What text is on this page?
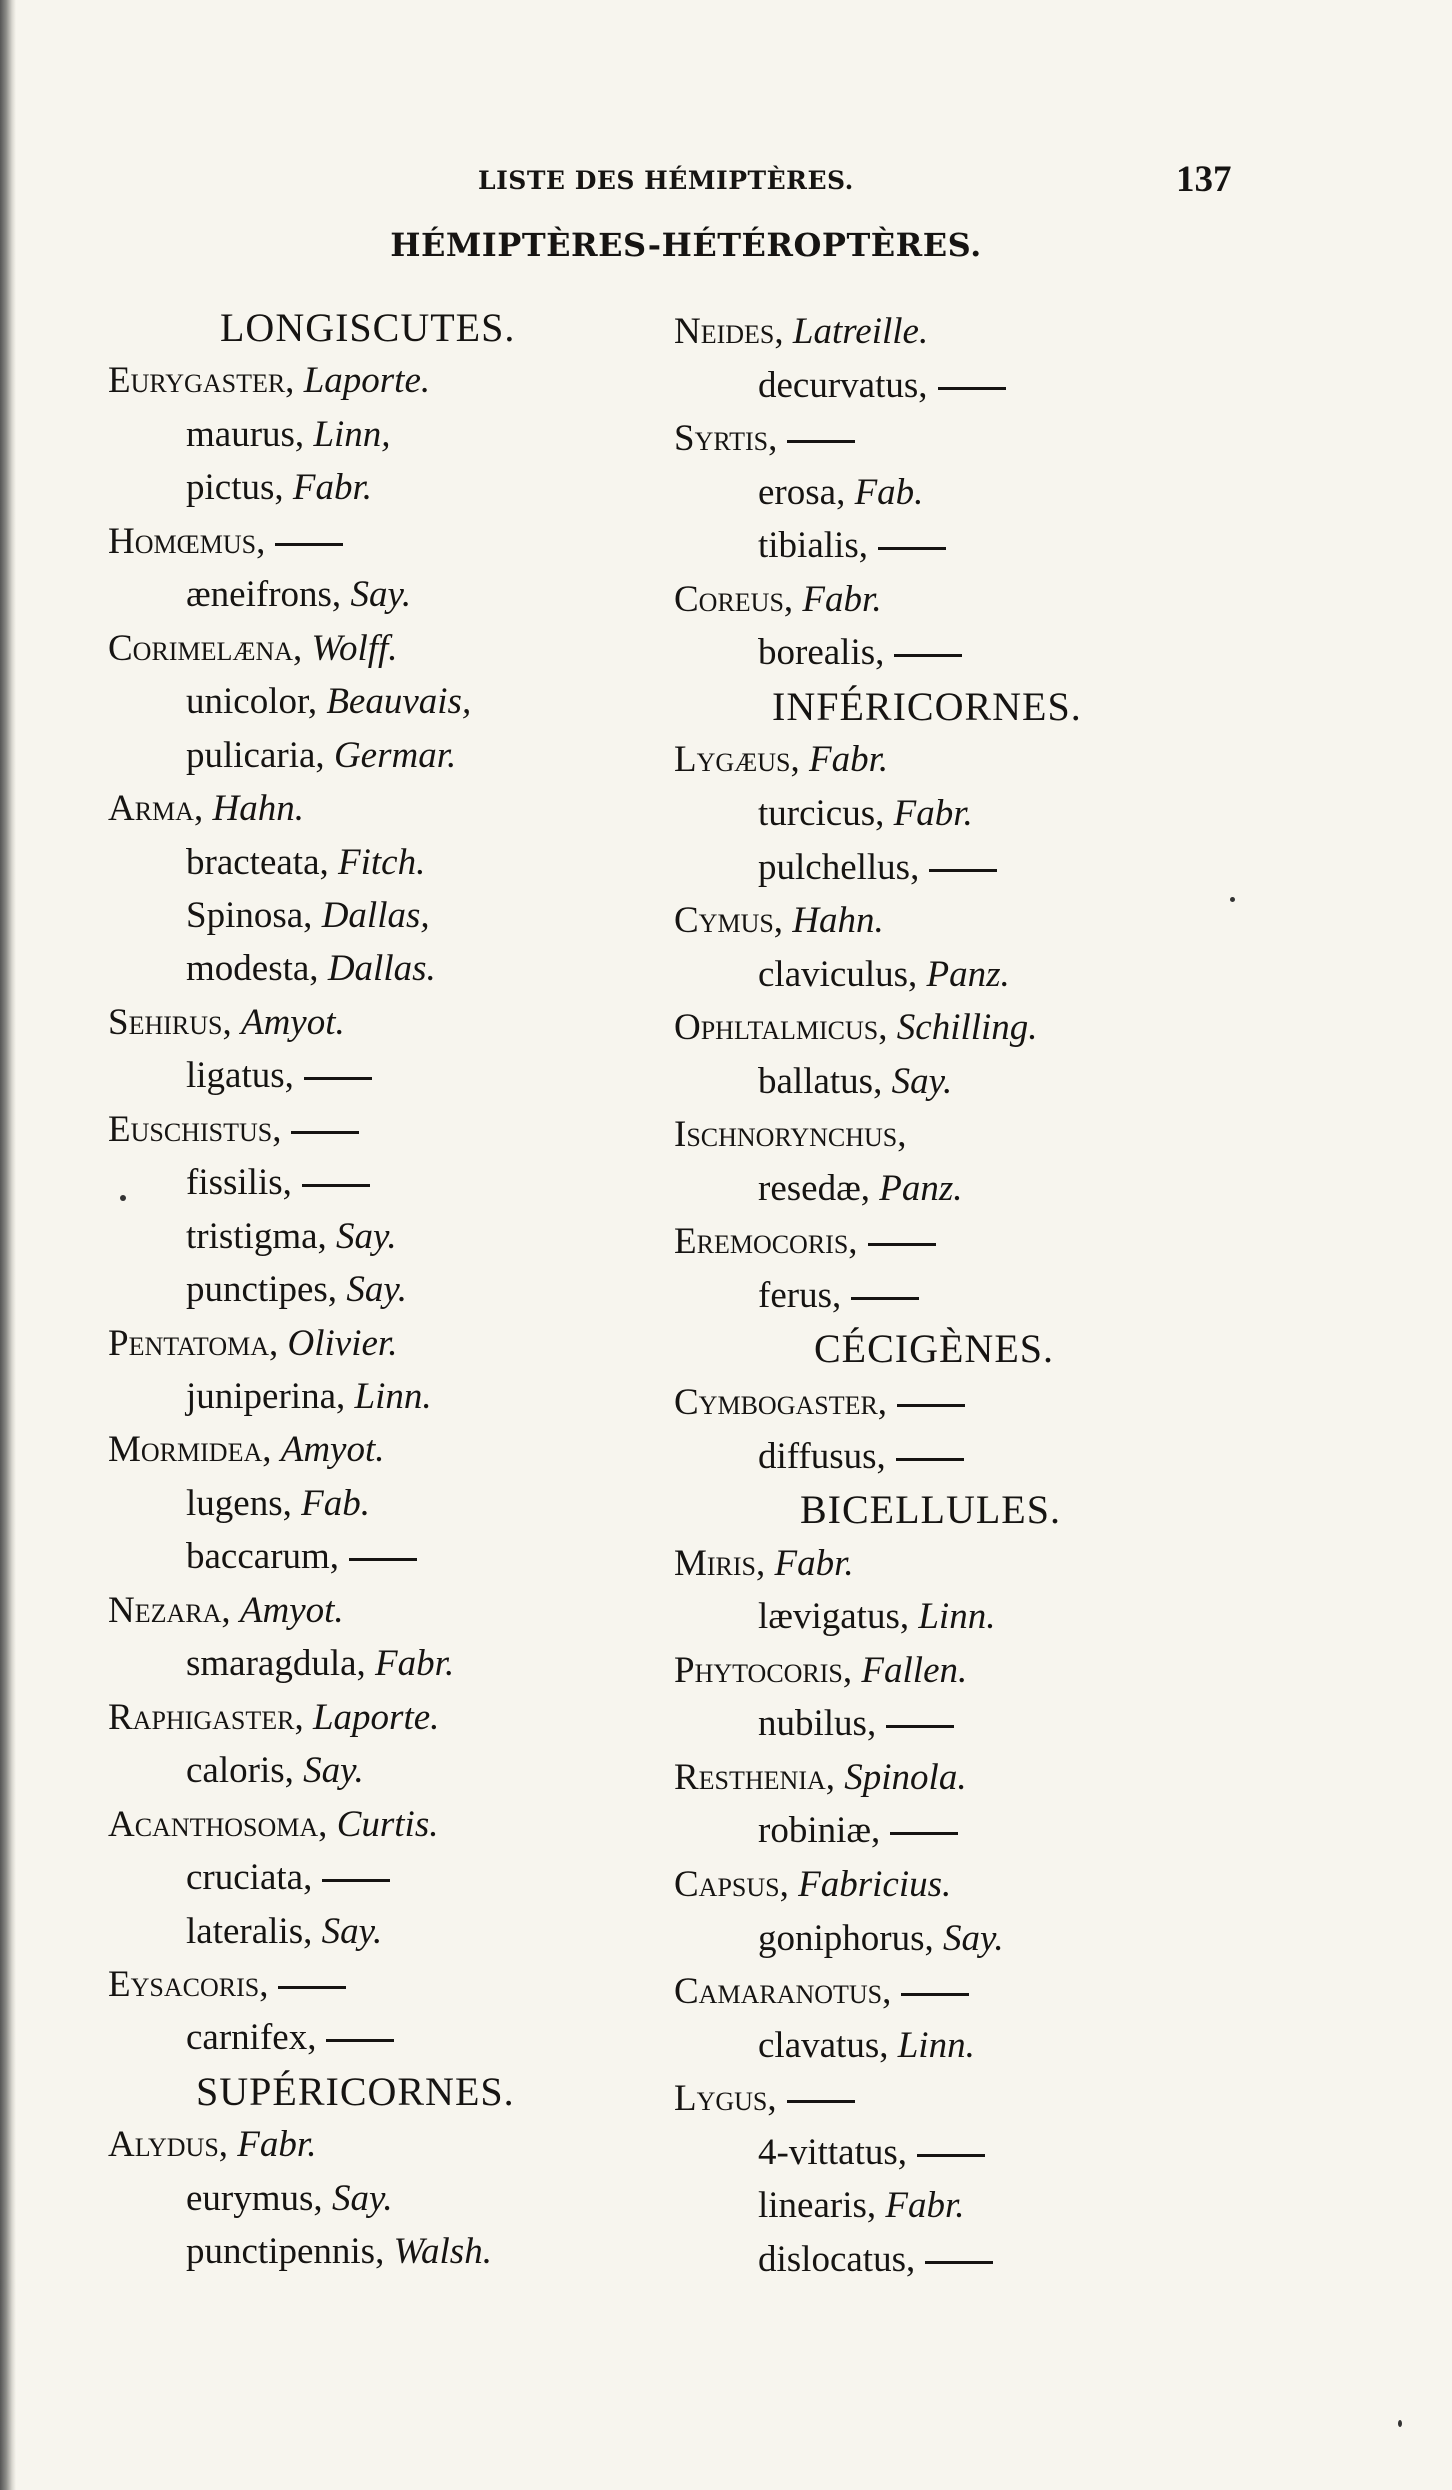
LISTE DES HÉMIPTÈRES.	137
HÉMIPTÈRES-HÉTÉROPTÈRES.
LONGISCUTES.
Eurygaster, Laporte.
maurus, Linn,
pictus, Fabr.
Homœmus,
æneifrons, Say.
Corimelæna, Wolff.
unicolor, Beauvais,
pulicaria, Germar.
Arma, Hahn.
bracteata, Fitch.
Spinosa, Dallas,
modesta, Dallas.
Sehirus, Amyot.
ligatus,
Euschistus,
fissilis,
tristigma, Say.
punctipes, Say.
Pentatoma, Olivier.
juniperina, Linn.
Mormidea, Amyot.
lugens, Fab.
baccarum,
Nezara, Amyot.
smaragdula, Fabr.
Raphigaster, Laporte.
caloris, Say.
Acanthosoma, Curtis.
cruciata,
lateralis, Say.
Eysacoris,
carnifex,
SUPÉRICORNES.
Alydus, Fabr.
eurymus, Say.
punctipennis, Walsh.
Neides, Latreille.
decurvatus,
Syrtis,
erosa, Fab.
tibialis,
Coreus, Fabr.
borealis,
INFÉRICORNES.
Lygæus, Fabr.
turcicus, Fabr.
pulchellus,
Cymus, Hahn.
claviculus, Panz.
Ophltalmicus, Schilling.
ballatus, Say.
Ischnorynchus,
resedæ, Panz.
Eremocoris,
ferus,
CÉCIGÈNES.
Cymbogaster,
diffusus,
BICELLULES.
Miris, Fabr.
lævigatus, Linn.
Phytocoris, Fallen.
nubilus,
Resthenia, Spinola.
robiniæ,
Capsus, Fabricius.
goniphorus, Say.
Camaranotus,
clavatus, Linn.
Lygus,
4-vittatus,
linearis, Fabr.
dislocatus,
